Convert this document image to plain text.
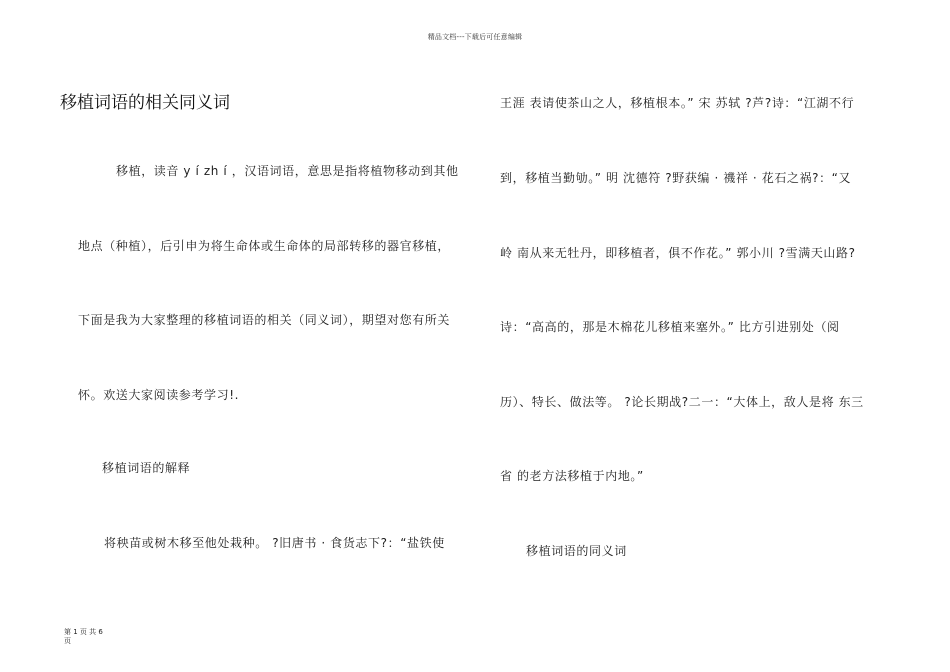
精品文档---下载后可任意编辑
移植词语的相关同义词
移植，读音 y í zh í ，汉语词语，意思是指将植物移动到其他
地点（种植），后引申为将生命体或生命体的局部转移的器官移植，
下面是我为大家整理的移植词语的相关（同义词），期望对您有所关
怀。欢送大家阅读参考学习!.
移植词语的解释
将秧苗或树木移至他处栽种。 ?旧唐书 · 食货志下?：“盐铁使
王涯 表请使茶山之人，移植根本。” 宋 苏轼 ?芦?诗：“江湖不行
到，移植当勤劬。” 明 沈德符 ?野获编 · 禨祥 · 花石之祸?：“又
岭 南从来无牡丹，即移植者，俱不作花。” 郭小川 ?雪满天山路?
诗：“高高的，那是木棉花儿移植来塞外。” 比方引进别处（阅
历）、特长、做法等。 ?论长期战?二一：“大体上，敌人是将 东三
省 的老方法移植于内地。”
移植词语的同义词
第 1 页 共 6 页
